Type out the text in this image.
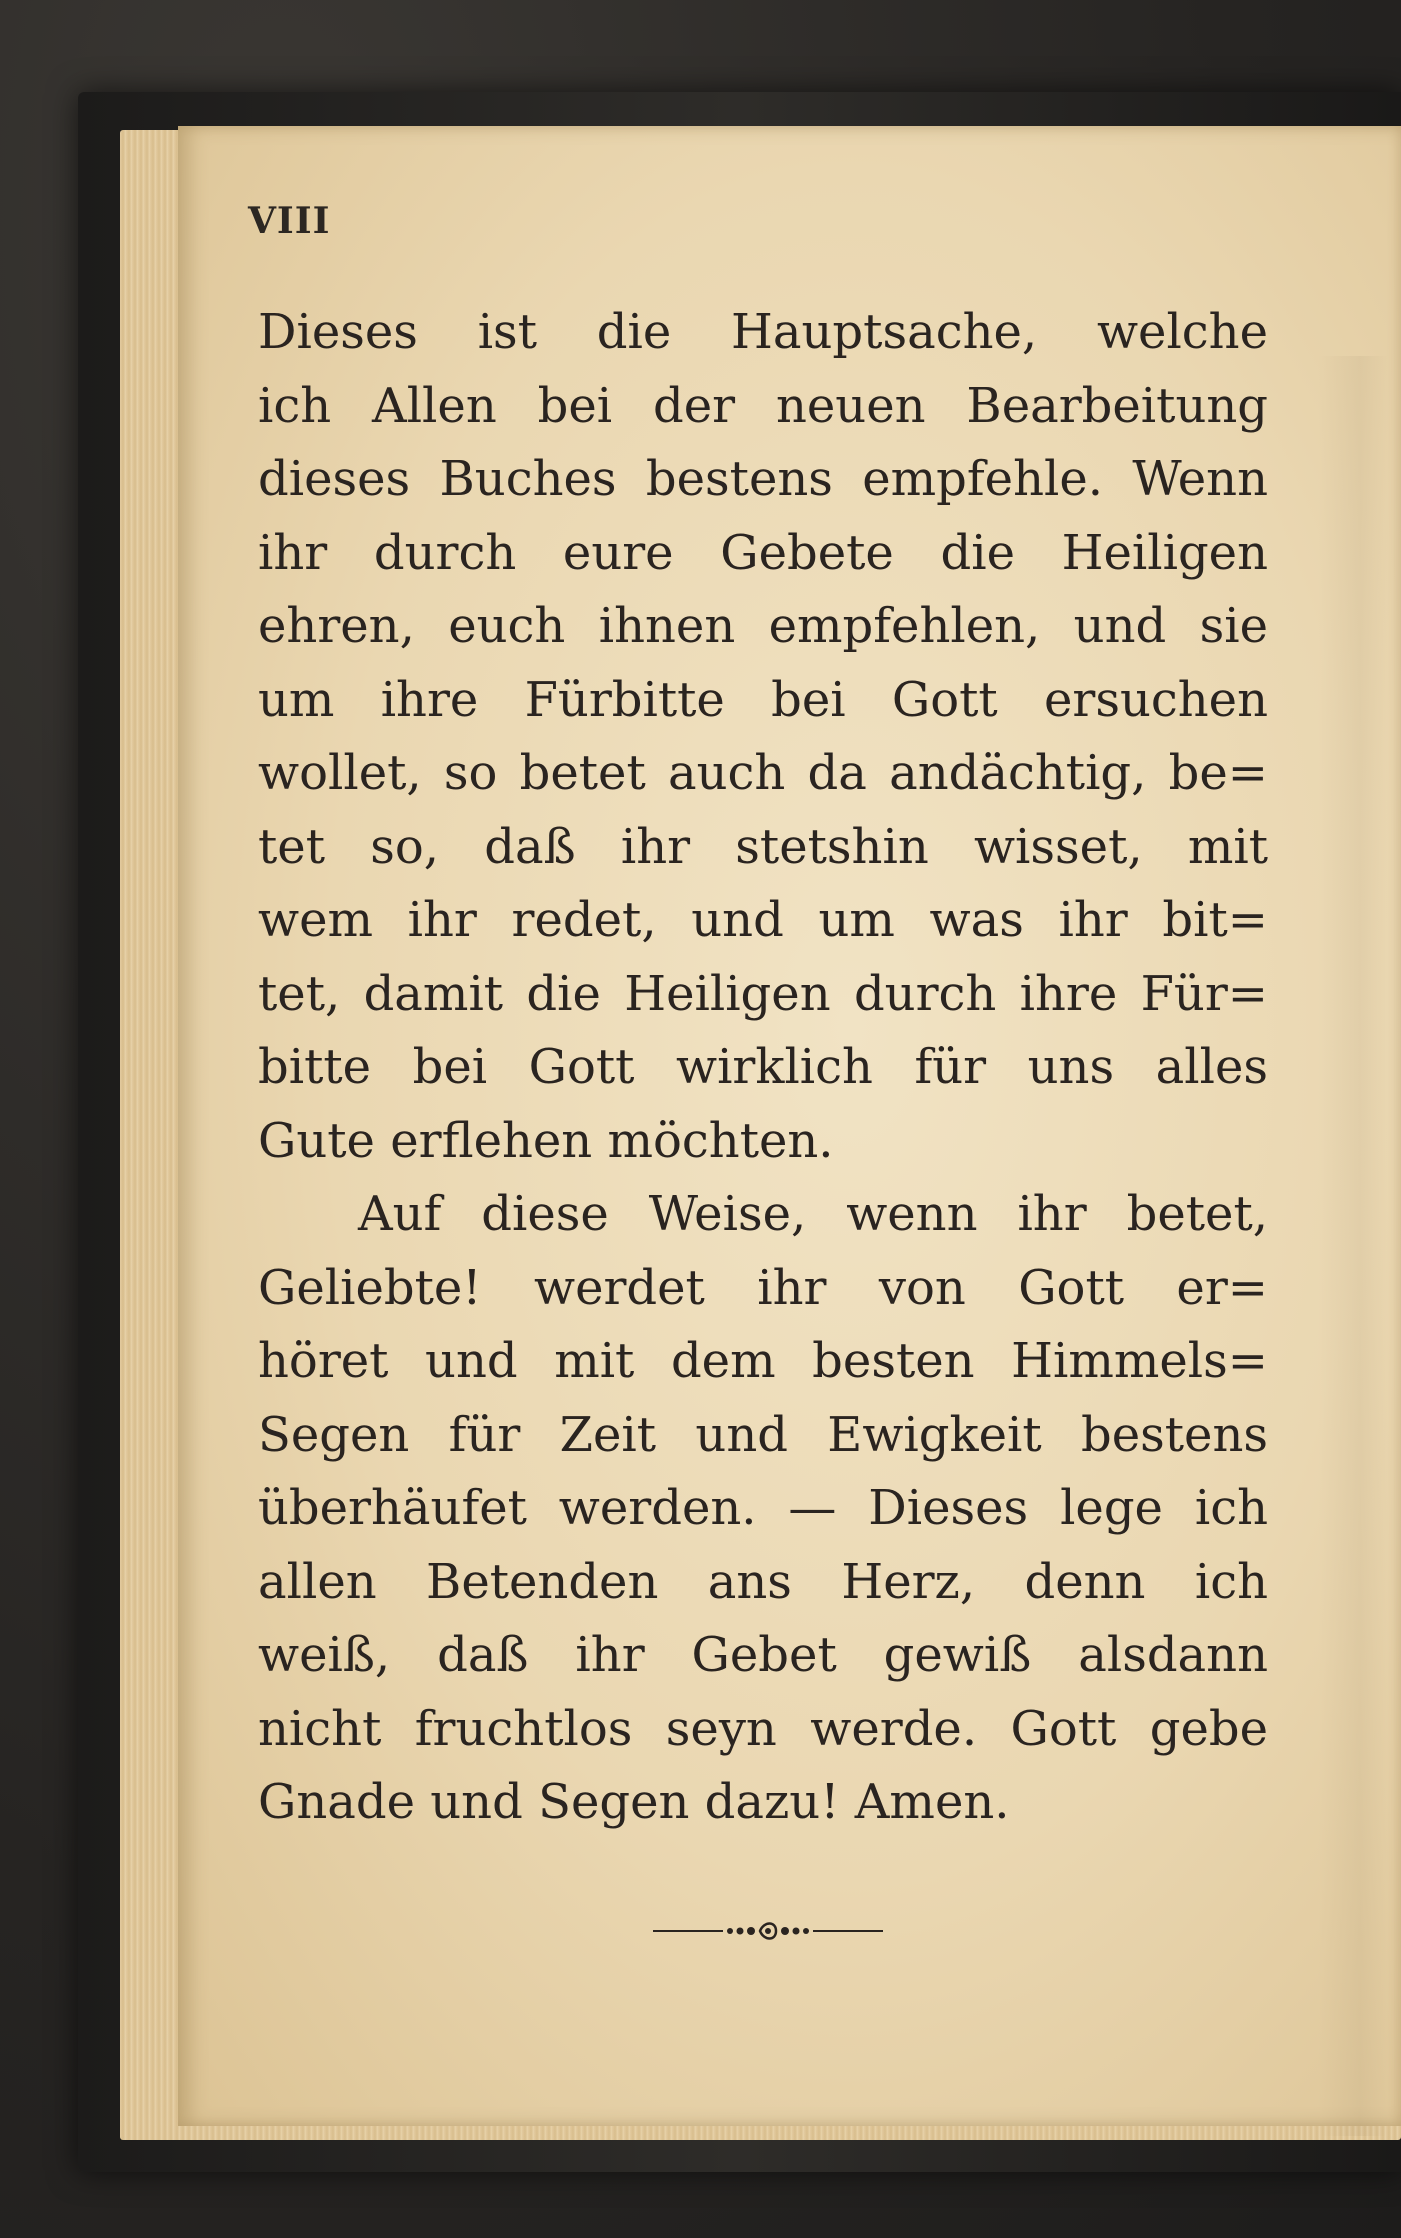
VIII
Dieses ist die Hauptsache, welche
ich Allen bei der neuen Bearbeitung
dieses Buches bestens empfehle. Wenn
ihr durch eure Gebete die Heiligen
ehren, euch ihnen empfehlen, und sie
um ihre Fürbitte bei Gott ersuchen
wollet, so betet auch da andächtig, be=
tet so, daß ihr stetshin wisset, mit
wem ihr redet, und um was ihr bit=
tet, damit die Heiligen durch ihre Für=
bitte bei Gott wirklich für uns alles
Gute erflehen möchten.
Auf diese Weise, wenn ihr betet,
Geliebte! werdet ihr von Gott er=
höret und mit dem besten Himmels=
Segen für Zeit und Ewigkeit bestens
überhäufet werden. — Dieses lege ich
allen Betenden ans Herz, denn ich
weiß, daß ihr Gebet gewiß alsdann
nicht fruchtlos seyn werde. Gott gebe
Gnade und Segen dazu! Amen.
